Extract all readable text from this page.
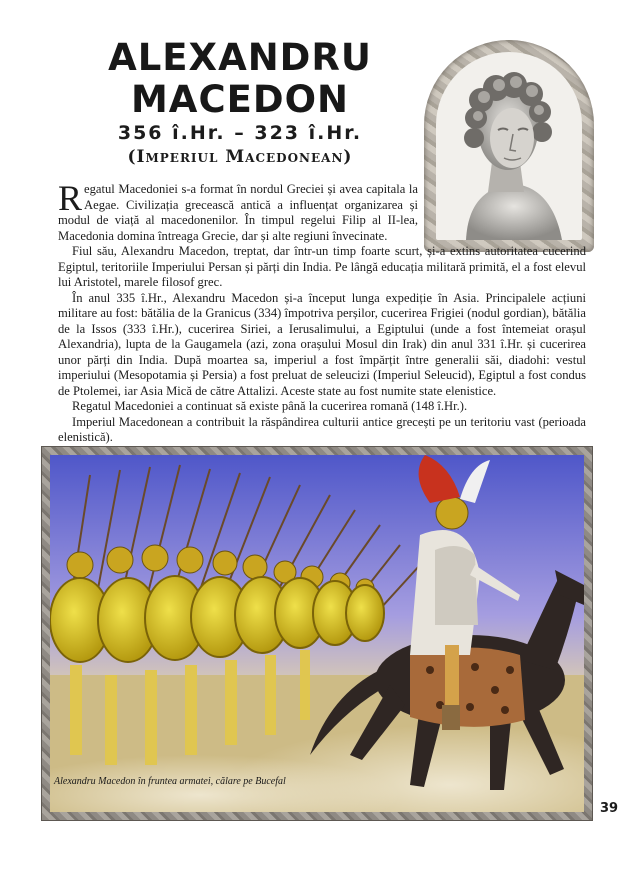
ALEXANDRU
MACEDON
356 î.Hr. – 323 î.Hr.
(Imperiul Macedonean)

Regatul Macedoniei s-a format în nordul Greciei și avea capitala la Aegae. Civilizația grecească antică a influențat organizarea și modul de viață al macedonenilor. În timpul regelui Filip al II-lea, Macedonia domina întreaga Grecie, dar și alte regiuni învecinate.

Fiul său, Alexandru Macedon, treptat, dar într-un timp foarte scurt, și-a extins autoritatea cucerind Egiptul, teritoriile Imperiului Persan și părți din India. Pe lângă educația militară primită, el a fost elevul lui Aristotel, marele filosof grec.

În anul 335 î.Hr., Alexandru Macedon și-a început lunga expediție în Asia. Principalele acțiuni militare au fost: bătălia de la Granicus (334) împotriva perșilor, cucerirea Frigiei (nodul gordian), bătălia de la Issos (333 î.Hr.), cucerirea Siriei, a Ierusalimului, a Egiptului (unde a fost întemeiat orașul Alexandria), lupta de la Gaugamela (azi, zona orașului Mosul din Irak) din anul 331 î.Hr. și cucerirea unor părți din India. După moartea sa, imperiul a fost împărțit între generalii săi, diadohi: vestul imperiului (Mesopotamia și Persia) a fost preluat de seleucizi (Imperiul Seleucid), Egiptul a fost condus de Ptolemei, iar Asia Mică de către Attalizi. Aceste state au fost numite state elenistice.

Regatul Macedoniei a continuat să existe până la cucerirea romană (148 î.Hr.).

Imperiul Macedonean a contribuit la răspândirea culturii antice grecești pe un teritoriu vast (perioada elenistică).

Alexandru Macedon în fruntea armatei, călare pe Bucefal
39
